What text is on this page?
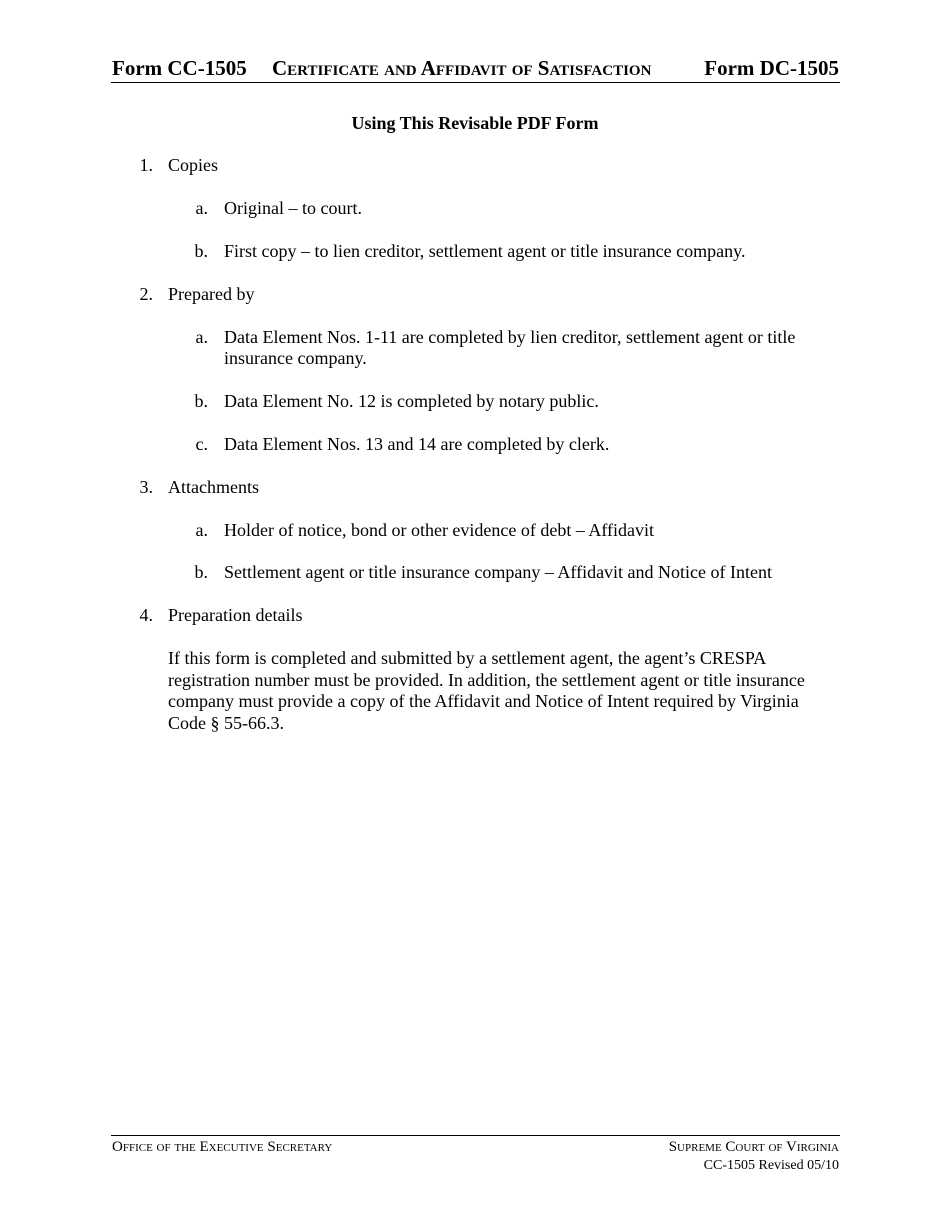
Form CC-1505 Certificate and Affidavit of Satisfaction	Form DC-1505
Using This Revisable PDF Form
1. Copies
a. Original – to court.
b. First copy – to lien creditor, settlement agent or title insurance company.
2. Prepared by
a. Data Element Nos. 1-11 are completed by lien creditor, settlement agent or title insurance company.
b. Data Element No. 12 is completed by notary public.
c. Data Element Nos. 13 and 14 are completed by clerk.
3. Attachments
a. Holder of notice, bond or other evidence of debt – Affidavit
b. Settlement agent or title insurance company – Affidavit and Notice of Intent
4. Preparation details
If this form is completed and submitted by a settlement agent, the agent’s CRESPA registration number must be provided. In addition, the settlement agent or title insurance company must provide a copy of the Affidavit and Notice of Intent required by Virginia Code § 55-66.3.
Office of the Executive Secretary	Supreme Court of Virginia
CC-1505 Revised 05/10
